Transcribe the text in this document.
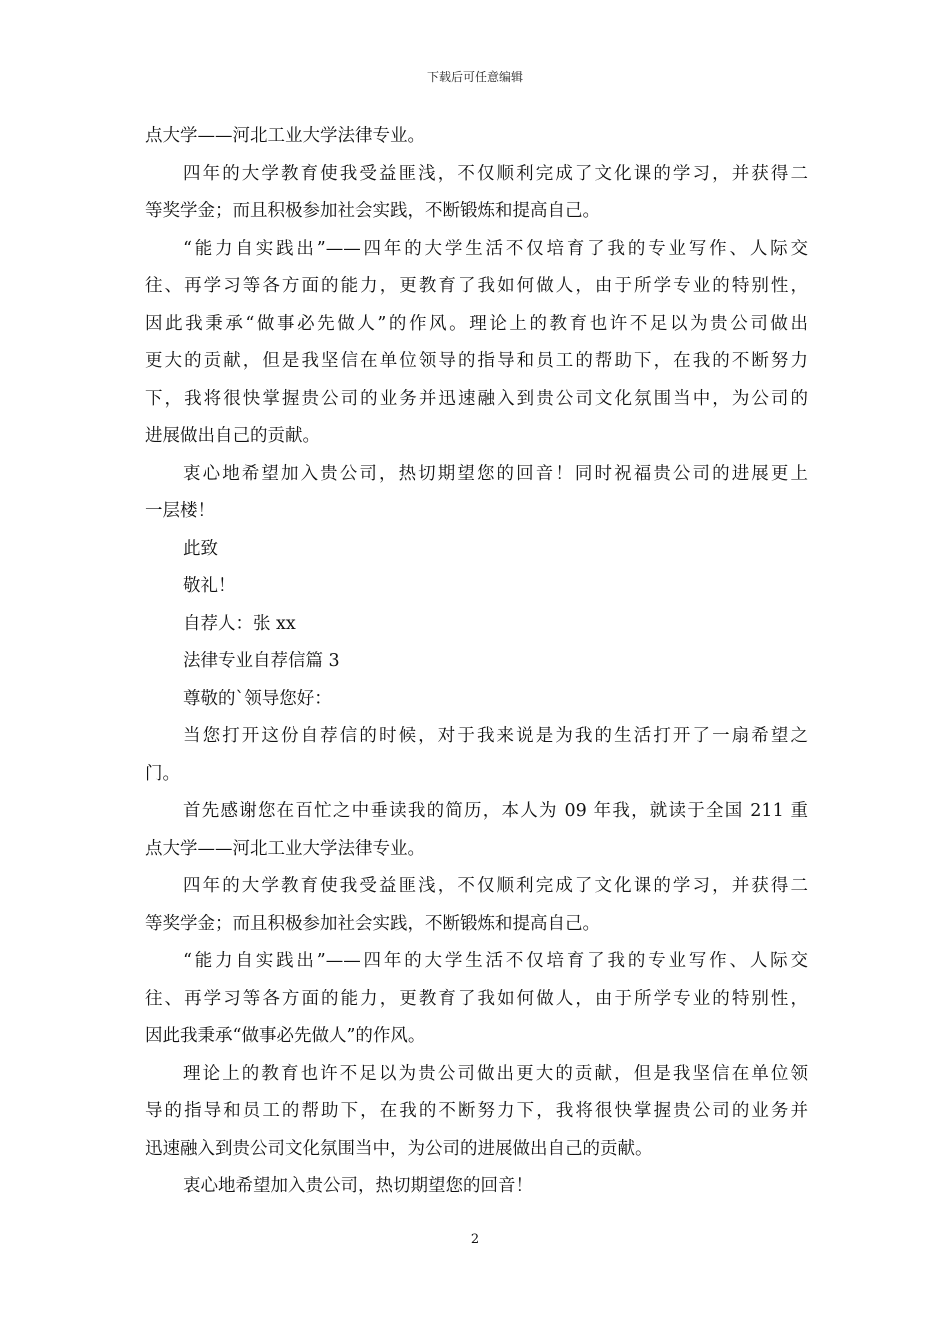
下载后可任意编辑
点大学——河北工业大学法律专业。
四年的大学教育使我受益匪浅，不仅顺利完成了文化课的学习，并获得二
等奖学金；而且积极参加社会实践，不断锻炼和提高自己。
“能力自实践出”——四年的大学生活不仅培育了我的专业写作、人际交
往、再学习等各方面的能力，更教育了我如何做人，由于所学专业的特别性，
因此我秉承“做事必先做人”的作风。理论上的教育也许不足以为贵公司做出
更大的贡献，但是我坚信在单位领导的指导和员工的帮助下，在我的不断努力
下，我将很快掌握贵公司的业务并迅速融入到贵公司文化氛围当中，为公司的
进展做出自己的贡献。
衷心地希望加入贵公司，热切期望您的回音！同时祝福贵公司的进展更上
一层楼！
此致
敬礼！
自荐人：张 xx
法律专业自荐信篇 3
尊敬的`领导您好：
当您打开这份自荐信的时候，对于我来说是为我的生活打开了一扇希望之
门。
首先感谢您在百忙之中垂读我的简历，本人为 09 年我，就读于全国 211 重
点大学——河北工业大学法律专业。
四年的大学教育使我受益匪浅，不仅顺利完成了文化课的学习，并获得二
等奖学金；而且积极参加社会实践，不断锻炼和提高自己。
“能力自实践出”——四年的大学生活不仅培育了我的专业写作、人际交
往、再学习等各方面的能力，更教育了我如何做人，由于所学专业的特别性，
因此我秉承“做事必先做人”的作风。
理论上的教育也许不足以为贵公司做出更大的贡献，但是我坚信在单位领
导的指导和员工的帮助下，在我的不断努力下，我将很快掌握贵公司的业务并
迅速融入到贵公司文化氛围当中，为公司的进展做出自己的贡献。
衷心地希望加入贵公司，热切期望您的回音！
2
